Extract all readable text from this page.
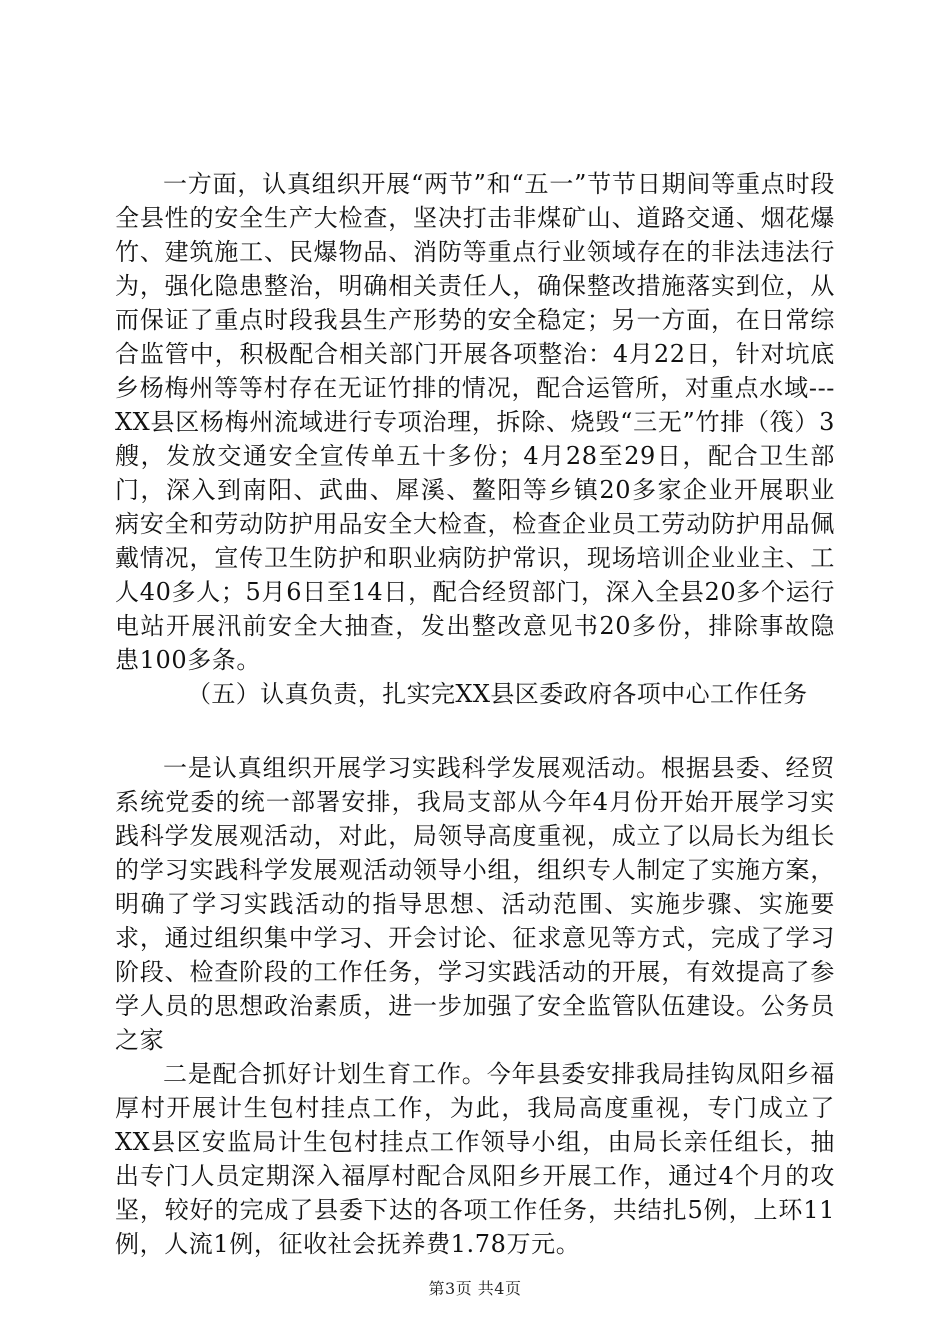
一方面，认真组织开展“两节”和“五一”节节日期间等重点时段全县性的安全生产大检查，坚决打击非煤矿山、道路交通、烟花爆竹、建筑施工、民爆物品、消防等重点行业领域存在的非法违法行为，强化隐患整治，明确相关责任人，确保整改措施落实到位，从而保证了重点时段我县生产形势的安全稳定；另一方面，在日常综合监管中，积极配合相关部门开展各项整治：4月22日，针对坑底乡杨梅州等等村存在无证竹排的情况，配合运管所，对重点水域---XX县区杨梅州流域进行专项治理，拆除、烧毁“三无”竹排（筏）3艘，发放交通安全宣传单五十多份；4月28至29日，配合卫生部门，深入到南阳、武曲、犀溪、鳌阳等乡镇20多家企业开展职业病安全和劳动防护用品安全大检查，检查企业员工劳动防护用品佩戴情况，宣传卫生防护和职业病防护常识，现场培训企业业主、工人40多人；5月6日至14日，配合经贸部门，深入全县20多个运行电站开展汛前安全大抽查，发出整改意见书20多份，排除事故隐患100多条。

（五）认真负责，扎实完XX县区委政府各项中心工作任务

一是认真组织开展学习实践科学发展观活动。根据县委、经贸系统党委的统一部署安排，我局支部从今年4月份开始开展学习实践科学发展观活动，对此，局领导高度重视，成立了以局长为组长的学习实践科学发展观活动领导小组，组织专人制定了实施方案，明确了学习实践活动的指导思想、活动范围、实施步骤、实施要求，通过组织集中学习、开会讨论、征求意见等方式，完成了学习阶段、检查阶段的工作任务，学习实践活动的开展，有效提高了参学人员的思想政治素质，进一步加强了安全监管队伍建设。公务员之家

二是配合抓好计划生育工作。今年县委安排我局挂钩凤阳乡福厚村开展计生包村挂点工作，为此，我局高度重视，专门成立了XX县区安监局计生包村挂点工作领导小组，由局长亲任组长，抽出专门人员定期深入福厚村配合凤阳乡开展工作，通过4个月的攻坚，较好的完成了县委下达的各项工作任务，共结扎5例，上环11例，人流1例，征收社会抚养费1.78万元。

第3页 共4页
